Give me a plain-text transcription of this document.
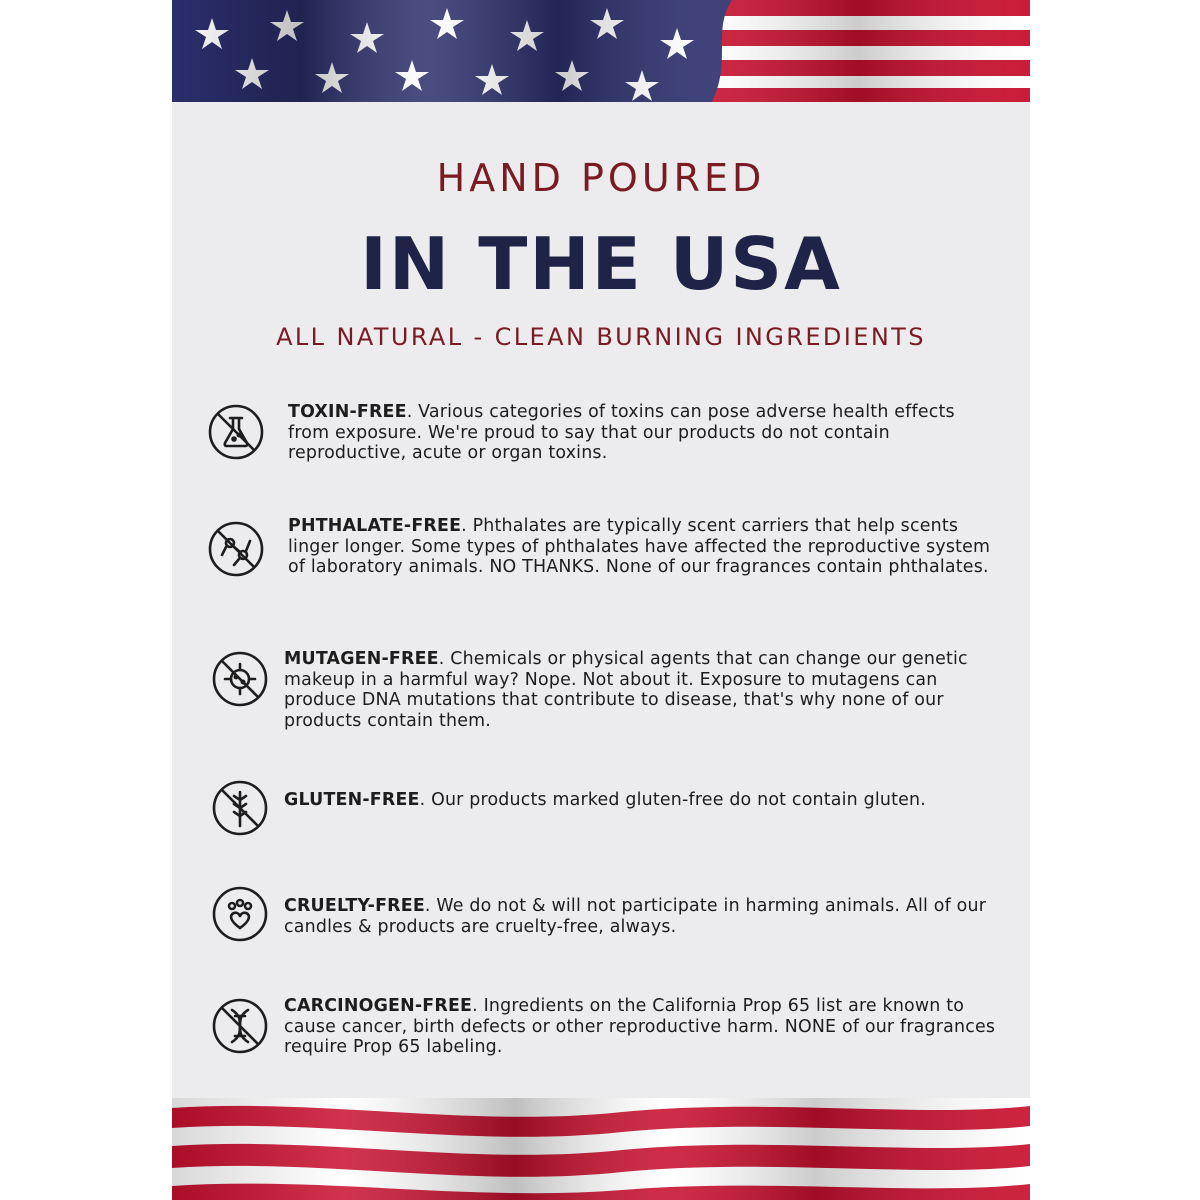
HAND POURED
IN THE USA
ALL NATURAL - CLEAN BURNING INGREDIENTS
TOXIN-FREE. Various categories of toxins can pose adverse health effects from exposure. We're proud to say that our products do not contain reproductive, acute or organ toxins.
PHTHALATE-FREE. Phthalates are typically scent carriers that help scents linger longer. Some types of phthalates have affected the reproductive system of laboratory animals. NO THANKS. None of our fragrances contain phthalates.
MUTAGEN-FREE. Chemicals or physical agents that can change our genetic makeup in a harmful way? Nope. Not about it. Exposure to mutagens can produce DNA mutations that contribute to disease, that's why none of our products contain them.
GLUTEN-FREE. Our products marked gluten-free do not contain gluten.
CRUELTY-FREE. We do not & will not participate in harming animals. All of our candles & products are cruelty-free, always.
CARCINOGEN-FREE. Ingredients on the California Prop 65 list are known to cause cancer, birth defects or other reproductive harm. NONE of our fragrances require Prop 65 labeling.
